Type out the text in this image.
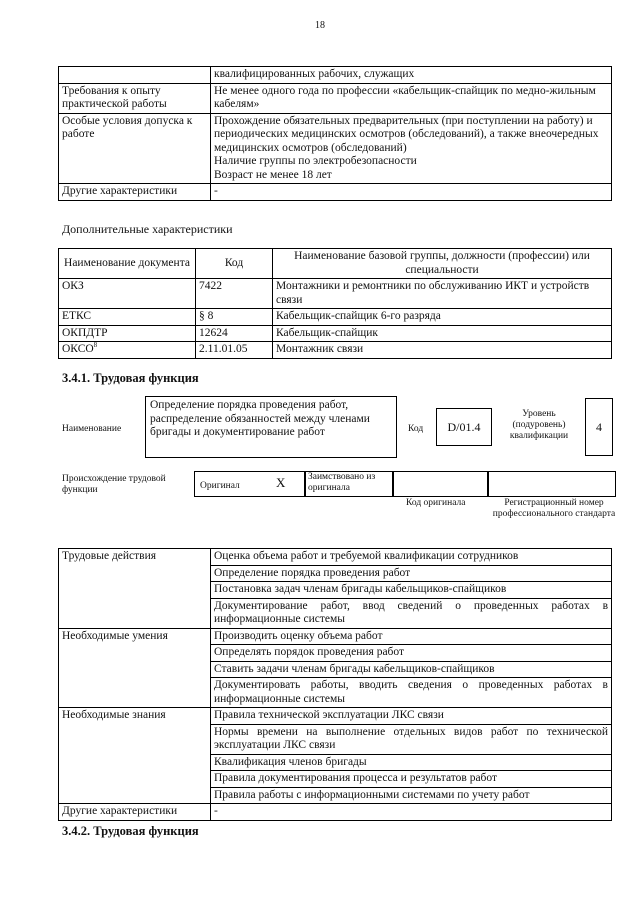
18
	квалифицированных рабочих, служащих
Требования к опыту практической работы	Не менее одного года по профессии «кабельщик-спайщик по медно-жильным кабелям»
Особые условия допуска к работе	Прохождение обязательных предварительных (при поступлении на работу) и периодических медицинских осмотров (обследований), а также внеочередных медицинских осмотров (обследований)
Наличие группы по электробезопасности
Возраст не менее 18 лет

Другие характеристики	-
Дополнительные характеристики
Наименование документа	Код	Наименование базовой группы, должности (профессии) или специальности
ОКЗ	7422	Монтажники и ремонтники по обслуживанию ИКТ и устройств связи
ЕТКС	§ 8	Кабельщик-спайщик 6-го разряда
ОКПДТР	12624	Кабельщик-спайщик
ОКСО$^8$	2.11.01.05	Монтажник связи
3.4.1. Трудовая функция
Наименование
Определение порядка проведения работ, распределение обязанностей между членами бригады и документирование работ	Код	D/01.4
Уровень (подуровень) квалификации
4
Происхождение трудовой функции	Оригинал	X Заимствовано из оригинала
Код оригинала	Регистрационный номер профессионального стандарта
Трудовые действия	Оценка объема работ и требуемой квалификации сотрудников
	Определение порядка проведения работ
	Постановка задач членам бригады кабельщиков-спайщиков
	Документирование работ, ввод сведений о проведенных работах в информационные системы
Необходимые умения	Производить оценку объема работ
	Определять порядок проведения работ
	Ставить задачи членам бригады кабельщиков-спайщиков
	Документировать работы, вводить сведения о проведенных работах в информационные системы
Необходимые знания	Правила технической эксплуатации ЛКС связи
	Нормы времени на выполнение отдельных видов работ по технической эксплуатации ЛКС связи
	Квалификация членов бригады
	Правила документирования процесса и результатов работ
	Правила работы с информационными системами по учету работ
Другие характеристики	-
3.4.2. Трудовая функция
